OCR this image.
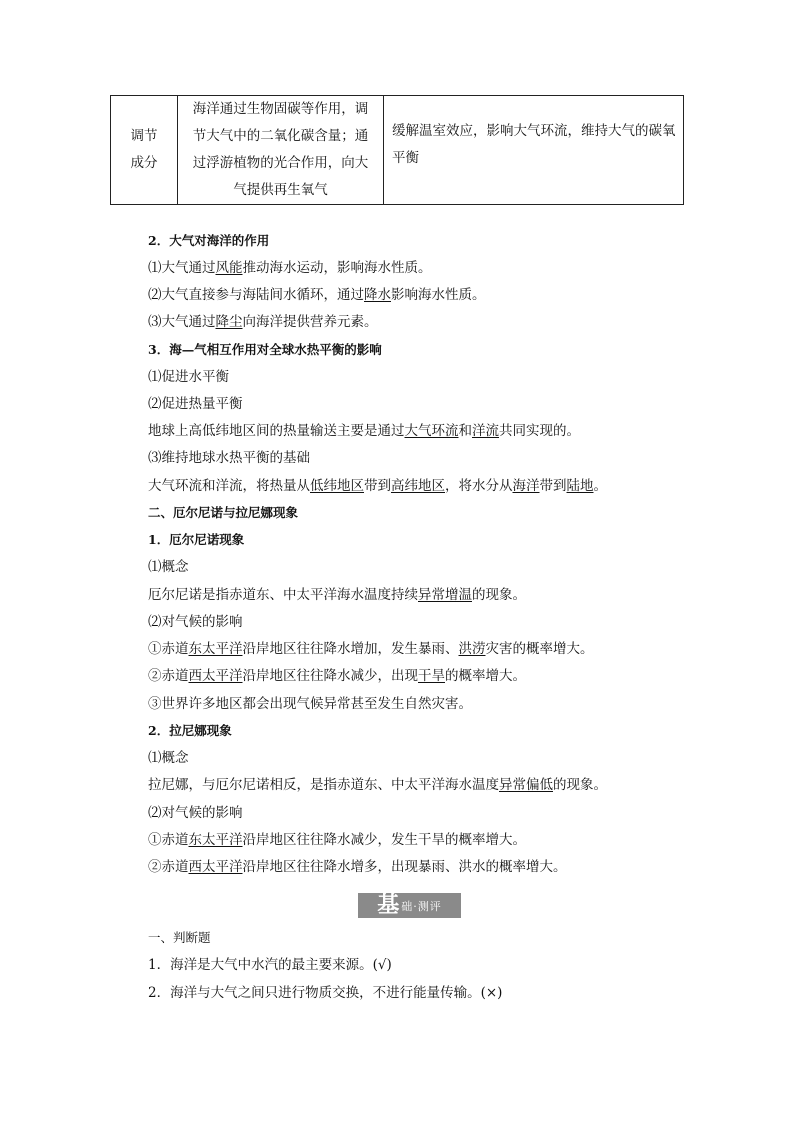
调节
成分

海洋通过生物固碳等作用，调
节大气中的二氧化碳含量；通
过浮游植物的光合作用，向大
气提供再生氧气

缓解温室效应，影响大气环流，维持大气的碳氧
平衡
2．大气对海洋的作用
⑴大气通过风能推动海水运动，影响海水性质。
⑵大气直接参与海陆间水循环，通过降水影响海水性质。
⑶大气通过降尘向海洋提供营养元素。
3．海—气相互作用对全球水热平衡的影响
⑴促进水平衡
⑵促进热量平衡
地球上高低纬地区间的热量输送主要是通过大气环流和洋流共同实现的。
⑶维持地球水热平衡的基础
大气环流和洋流，将热量从低纬地区带到高纬地区，将水分从海洋带到陆地。
二、厄尔尼诺与拉尼娜现象
1．厄尔尼诺现象
⑴概念
厄尔尼诺是指赤道东、中太平洋海水温度持续异常增温的现象。
⑵对气候的影响
①赤道东太平洋沿岸地区往往降水增加，发生暴雨、洪涝灾害的概率增大。
②赤道西太平洋沿岸地区往往降水减少，出现干旱的概率增大。
③世界许多地区都会出现气候异常甚至发生自然灾害。
2．拉尼娜现象
⑴概念
拉尼娜，与厄尔尼诺相反，是指赤道东、中太平洋海水温度异常偏低的现象。
⑵对气候的影响
①赤道东太平洋沿岸地区往往降水减少，发生干旱的概率增大。
②赤道西太平洋沿岸地区往往降水增多，出现暴雨、洪水的概率增大。
基 础·测评
一、判断题
1．海洋是大气中水汽的最主要来源。(√)
2．海洋与大气之间只进行物质交换，不进行能量传输。(×)
